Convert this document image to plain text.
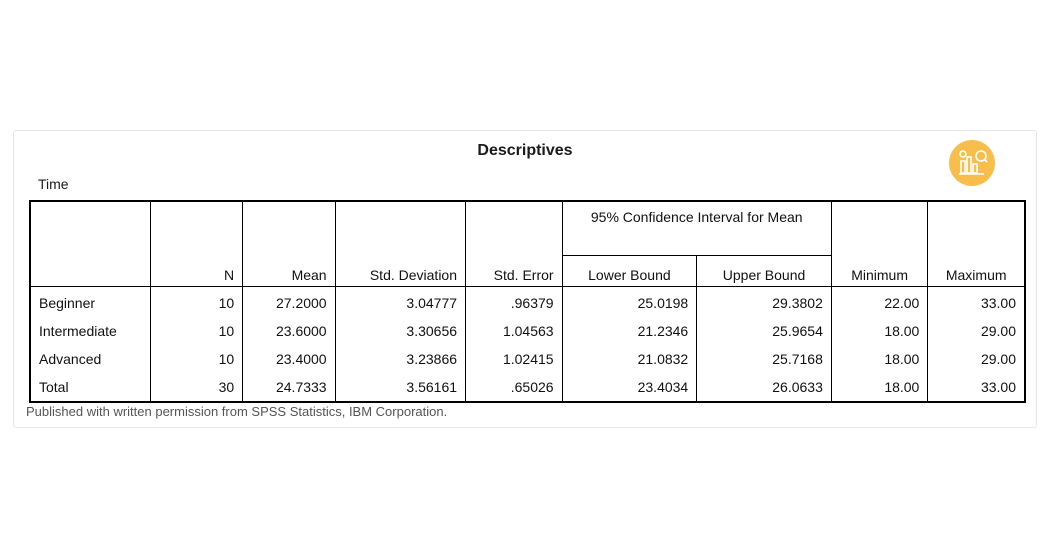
Descriptives
Time
	N	Mean	Std. Deviation	Std. Error	95% Confidence Interval for Mean		Minimum	Maximum
					Lower Bound	Upper Bound		
Beginner	10	27.2000	3.04777	.96379	25.0198	29.3802	22.00	33.00
Intermediate	10	23.6000	3.30656	1.04563	21.2346	25.9654	18.00	29.00
Advanced	10	23.4000	3.23866	1.02415	21.0832	25.7168	18.00	29.00
Total	30	24.7333	3.56161	.65026	23.4034	26.0633	18.00	33.00
Published with written permission from SPSS Statistics, IBM Corporation.
